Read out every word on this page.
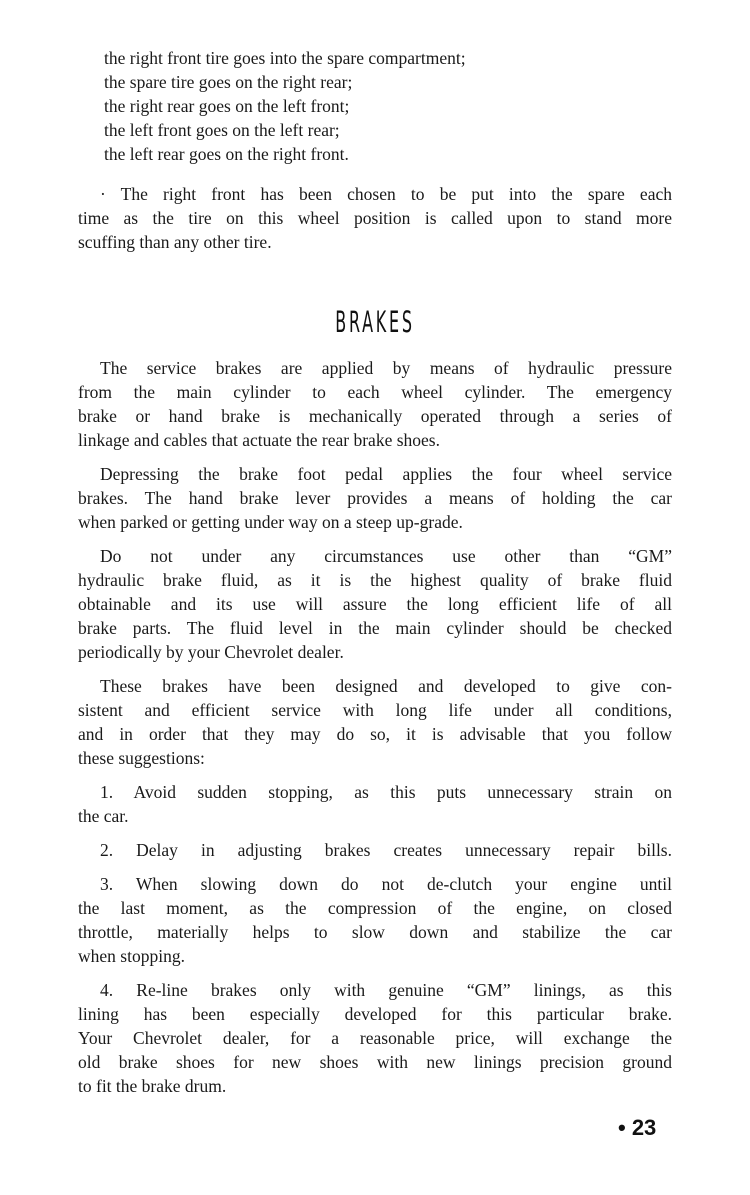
the right front tire goes into the spare compartment;
the spare tire goes on the right rear;
the right rear goes on the left front;
the left front goes on the left rear;
the left rear goes on the right front.
· The right front has been chosen to be put into the spare each
time as the tire on this wheel position is called upon to stand more
scuffing than any other tire.
BRAKES
The service brakes are applied by means of hydraulic pressure
from the main cylinder to each wheel cylinder. The emergency
brake or hand brake is mechanically operated through a series of
linkage and cables that actuate the rear brake shoes.
Depressing the brake foot pedal applies the four wheel service
brakes. The hand brake lever provides a means of holding the car
when parked or getting under way on a steep up-grade.
Do not under any circumstances use other than “GM”
hydraulic brake fluid, as it is the highest quality of brake fluid
obtainable and its use will assure the long efficient life of all
brake parts. The fluid level in the main cylinder should be checked
periodically by your Chevrolet dealer.
These brakes have been designed and developed to give con-
sistent and efficient service with long life under all conditions,
and in order that they may do so, it is advisable that you follow
these suggestions:
1. Avoid sudden stopping, as this puts unnecessary strain on
the car.
2. Delay in adjusting brakes creates unnecessary repair bills.
3. When slowing down do not de-clutch your engine until
the last moment, as the compression of the engine, on closed
throttle, materially helps to slow down and stabilize the car
when stopping.
4. Re-line brakes only with genuine “GM” linings, as this
lining has been especially developed for this particular brake.
Your Chevrolet dealer, for a reasonable price, will exchange the
old brake shoes for new shoes with new linings precision ground
to fit the brake drum.
• 23
